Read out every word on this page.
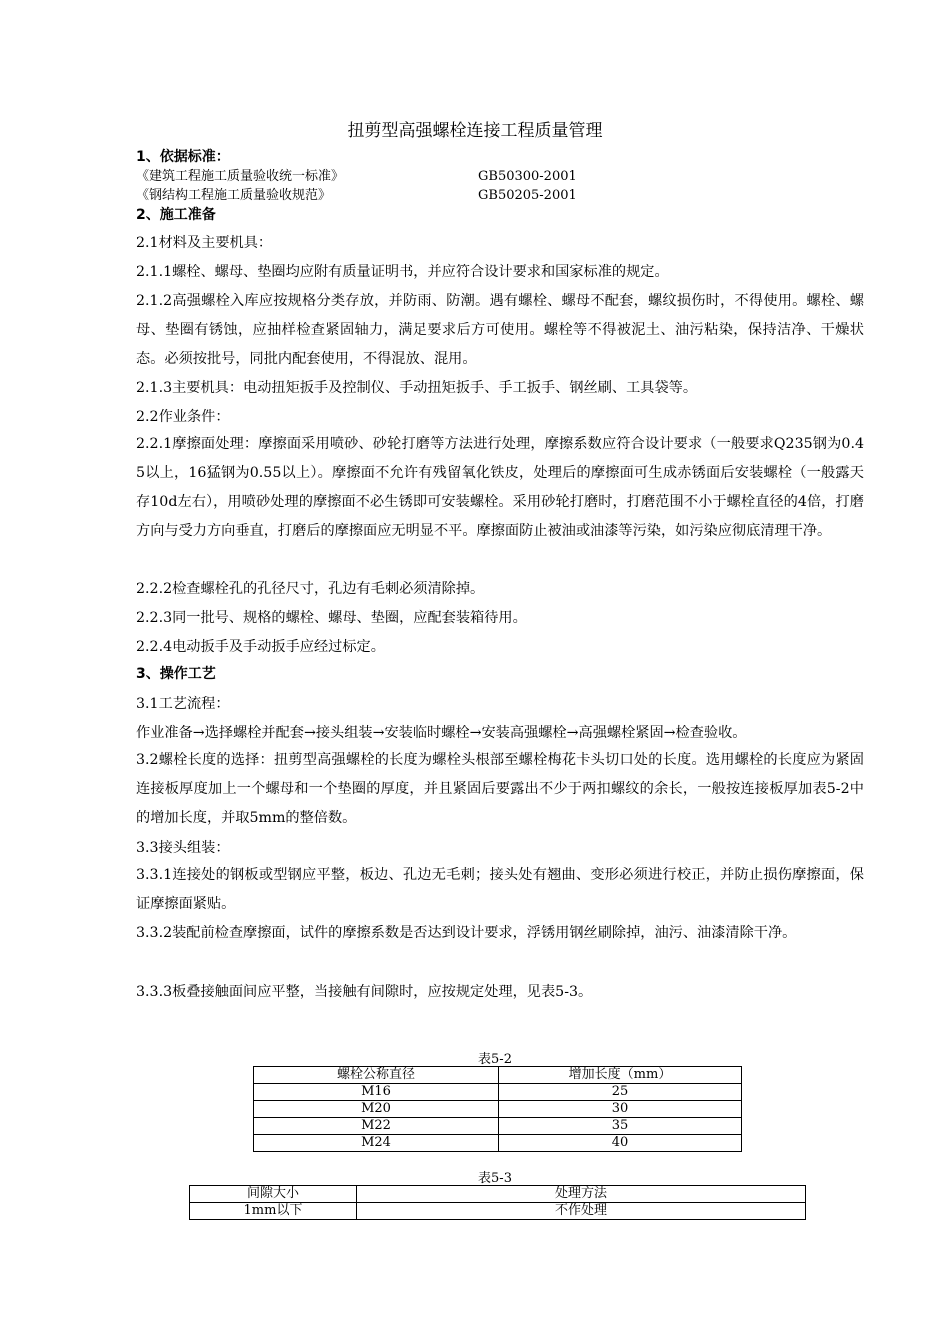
扭剪型高强螺栓连接工程质量管理
1、依据标准：
《建筑工程施工质量验收统一标准》	GB50300-2001
《钢结构工程施工质量验收规范》	GB50205-2001
2、施工准备
2.1材料及主要机具：
2.1.1螺栓、螺母、垫圈均应附有质量证明书，并应符合设计要求和国家标准的规定。
2.1.2高强螺栓入库应按规格分类存放，并防雨、防潮。遇有螺栓、螺母不配套，螺纹损伤时，不得使用。螺栓、螺母、垫圈有锈蚀，应抽样检查紧固轴力，满足要求后方可使用。螺栓等不得被泥土、油污粘染，保持洁净、干燥状态。必须按批号，同批内配套使用，不得混放、混用。
2.1.3主要机具：电动扭矩扳手及控制仪、手动扭矩扳手、手工扳手、钢丝刷、工具袋等。
2.2作业条件：
2.2.1摩擦面处理：摩擦面采用喷砂、砂轮打磨等方法进行处理，摩擦系数应符合设计要求（一般要求Q235钢为0.45以上，16猛钢为0.55以上）。摩擦面不允许有残留氧化铁皮，处理后的摩擦面可生成赤锈面后安装螺栓（一般露天存10d左右），用喷砂处理的摩擦面不必生锈即可安装螺栓。采用砂轮打磨时，打磨范围不小于螺栓直径的4倍，打磨方向与受力方向垂直，打磨后的摩擦面应无明显不平。摩擦面防止被油或油漆等污染，如污染应彻底清理干净。
2.2.2检查螺栓孔的孔径尺寸，孔边有毛刺必须清除掉。
2.2.3同一批号、规格的螺栓、螺母、垫圈，应配套装箱待用。
2.2.4电动扳手及手动扳手应经过标定。
3、操作工艺
3.1工艺流程：
作业准备→选择螺栓并配套→接头组装→安装临时螺栓→安装高强螺栓→高强螺栓紧固→检查验收。
3.2螺栓长度的选择：扭剪型高强螺栓的长度为螺栓头根部至螺栓梅花卡头切口处的长度。选用螺栓的长度应为紧固连接板厚度加上一个螺母和一个垫圈的厚度，并且紧固后要露出不少于两扣螺纹的余长，一般按连接板厚加表5-2中的增加长度，并取5mm的整倍数。
3.3接头组装：
3.3.1连接处的钢板或型钢应平整，板边、孔边无毛刺；接头处有翘曲、变形必须进行校正，并防止损伤摩擦面，保证摩擦面紧贴。
3.3.2装配前检查摩擦面，试件的摩擦系数是否达到设计要求，浮锈用钢丝刷除掉，油污、油漆清除干净。
3.3.3板叠接触面间应平整，当接触有间隙时，应按规定处理，见表5-3。
表5-2
螺栓公称直径	增加长度（mm）
M16	25
M20	30
M22	35
M24	40
表5-3
间隙大小	处理方法
1mm以下	不作处理
